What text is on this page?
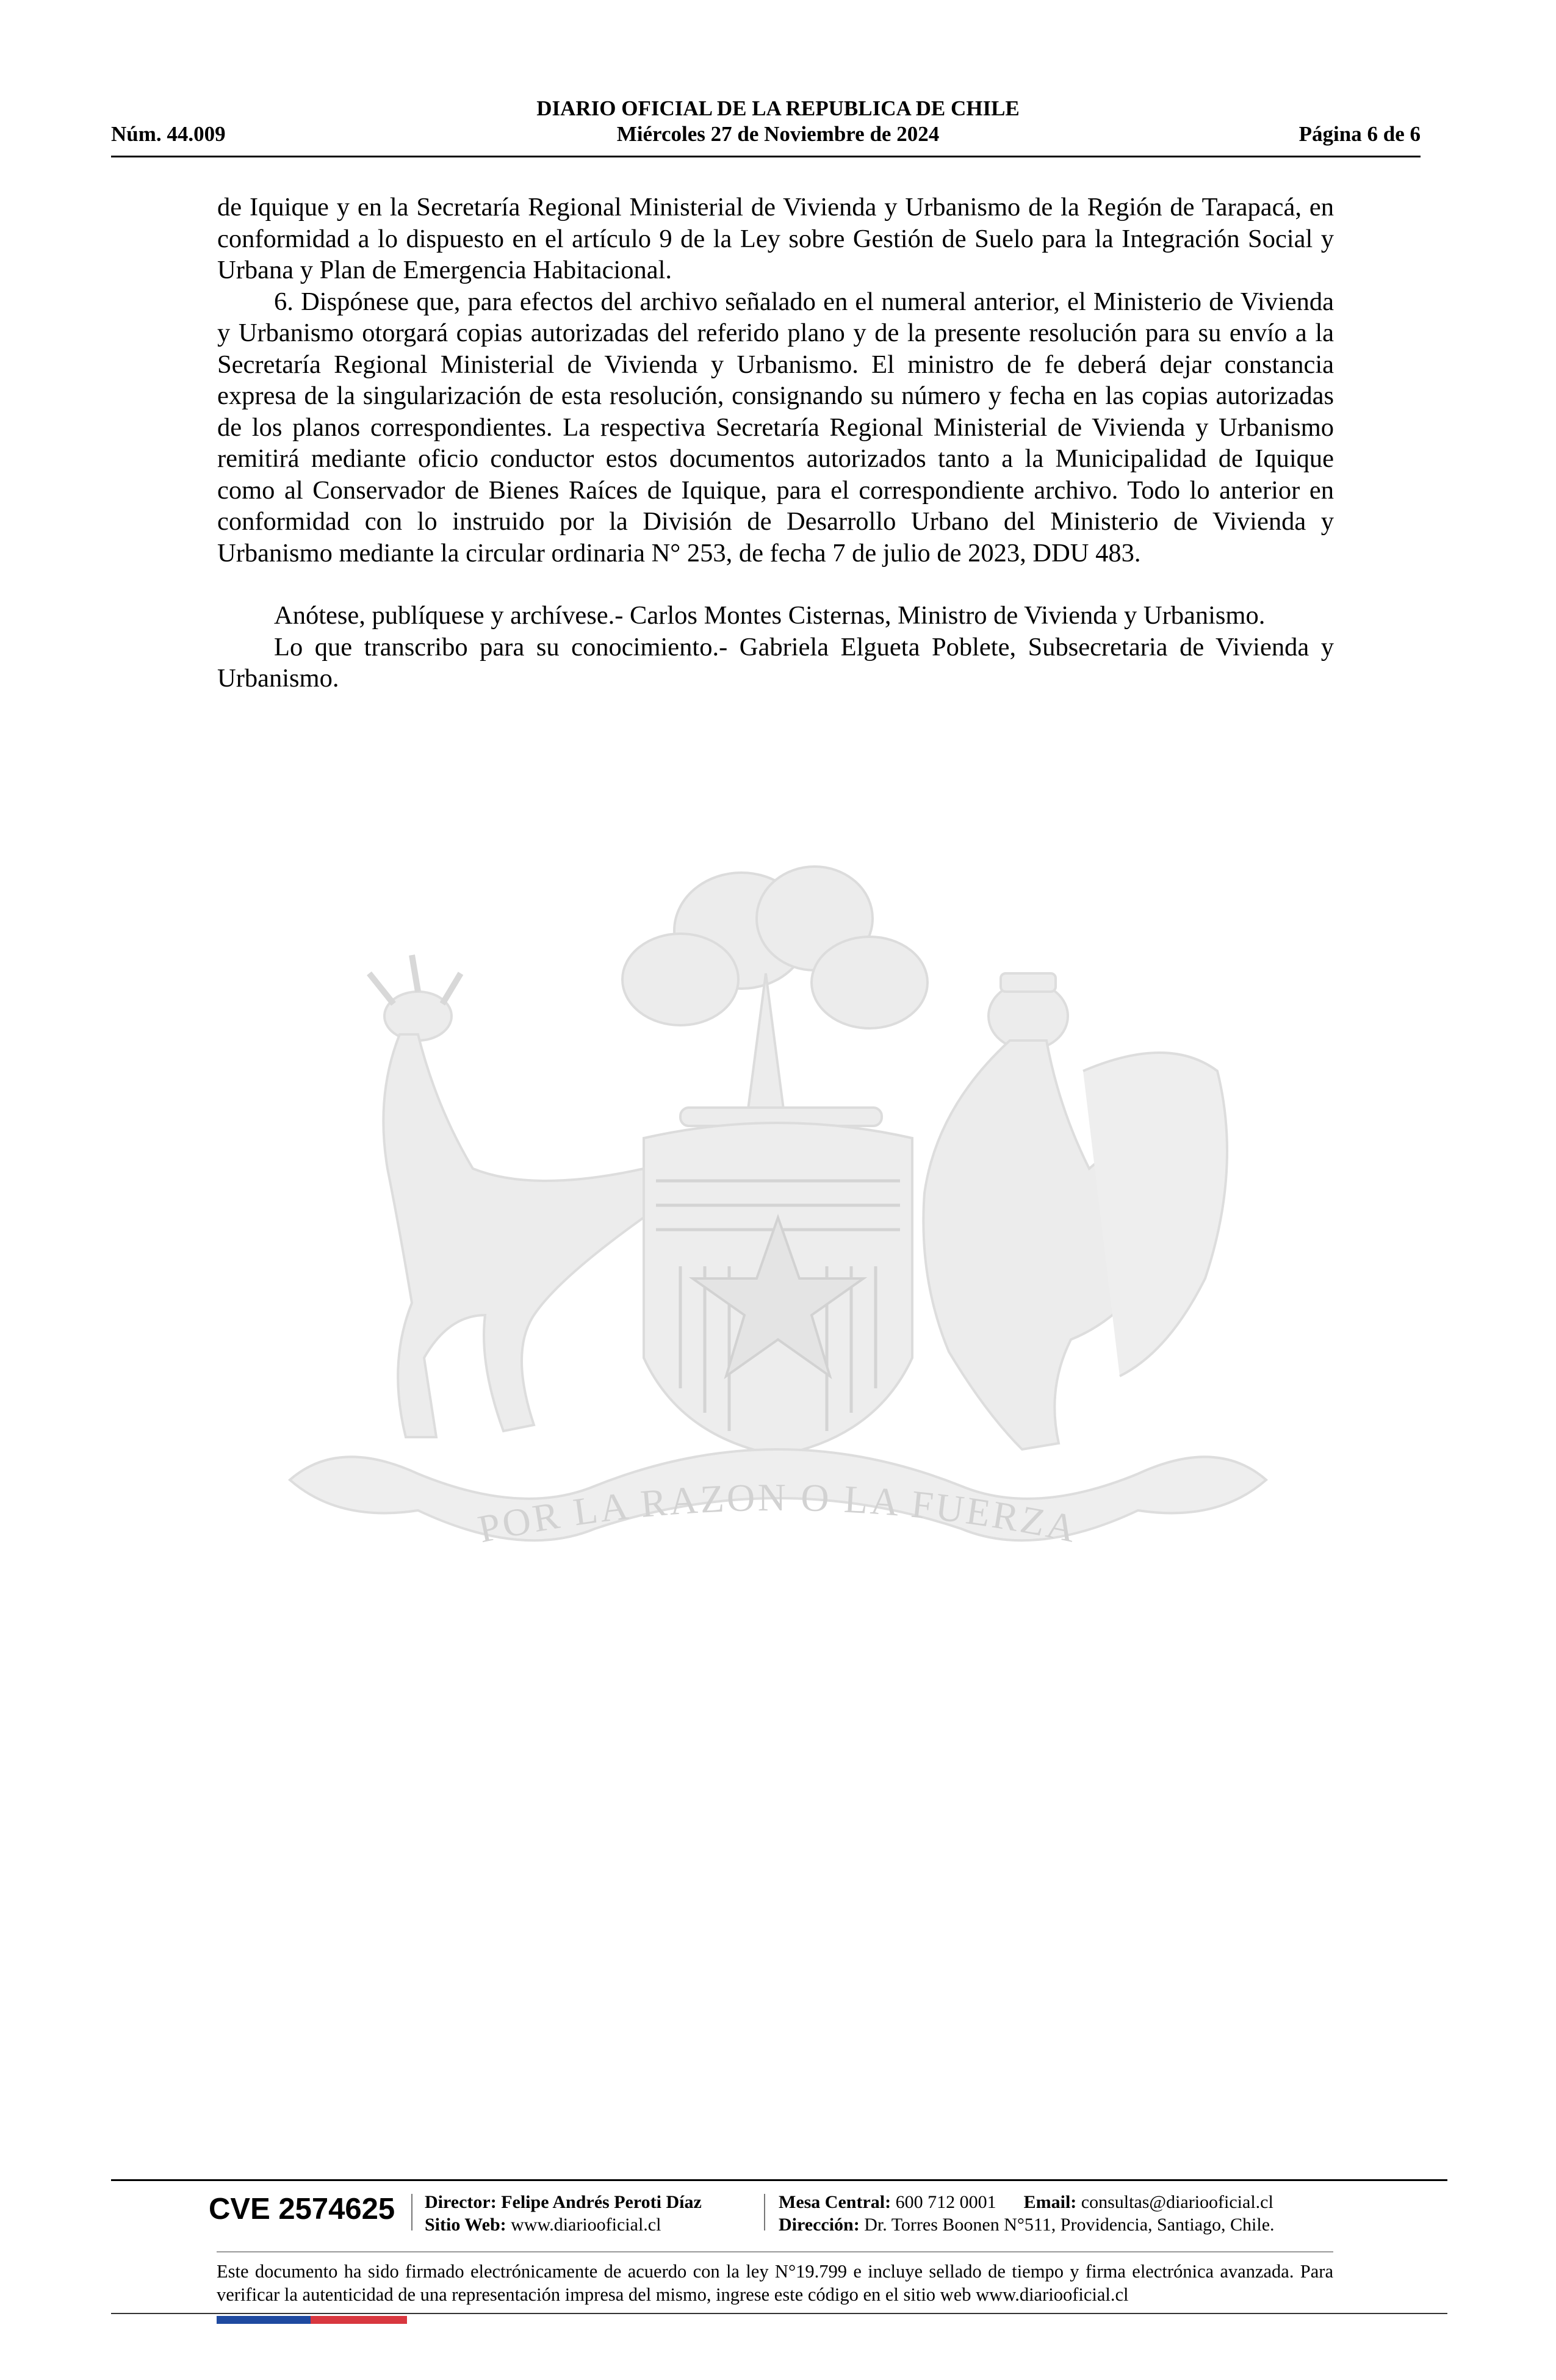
DIARIO OFICIAL DE LA REPUBLICA DE CHILE
Núm. 44.009	Miércoles 27 de Noviembre de 2024	Página 6 de 6

de Iquique y en la Secretaría Regional Ministerial de Vivienda y Urbanismo de la Región de Tarapacá, en conformidad a lo dispuesto en el artículo 9 de la Ley sobre Gestión de Suelo para la Integración Social y Urbana y Plan de Emergencia Habitacional.

6. Dispónese que, para efectos del archivo señalado en el numeral anterior, el Ministerio de Vivienda y Urbanismo otorgará copias autorizadas del referido plano y de la presente resolución para su envío a la Secretaría Regional Ministerial de Vivienda y Urbanismo. El ministro de fe deberá dejar constancia expresa de la singularización de esta resolución, consignando su número y fecha en las copias autorizadas de los planos correspondientes. La respectiva Secretaría Regional Ministerial de Vivienda y Urbanismo remitirá mediante oficio conductor estos documentos autorizados tanto a la Municipalidad de Iquique como al Conservador de Bienes Raíces de Iquique, para el correspondiente archivo. Todo lo anterior en conformidad con lo instruido por la División de Desarrollo Urbano del Ministerio de Vivienda y Urbanismo mediante la circular ordinaria N° 253, de fecha 7 de julio de 2023, DDU 483.

Anótese, publíquese y archívese.- Carlos Montes Cisternas, Ministro de Vivienda y Urbanismo.

Lo que transcribo para su conocimiento.- Gabriela Elgueta Poblete, Subsecretaria de Vivienda y Urbanismo.

POR LA RAZON O LA FUERZA
CVE 2574625 Director: Felipe Andrés Peroti Díaz
Sitio Web: www.diariooficial.cl
Mesa Central: 600 712 0001 Email: consultas@diariooficial.cl
Dirección: Dr. Torres Boonen N°511, Providencia, Santiago, Chile.
Este documento ha sido firmado electrónicamente de acuerdo con la ley N°19.799 e incluye sellado de tiempo y firma electrónica avanzada. Para verificar la autenticidad de una representación impresa del mismo, ingrese este código en el sitio web www.diariooficial.cl
